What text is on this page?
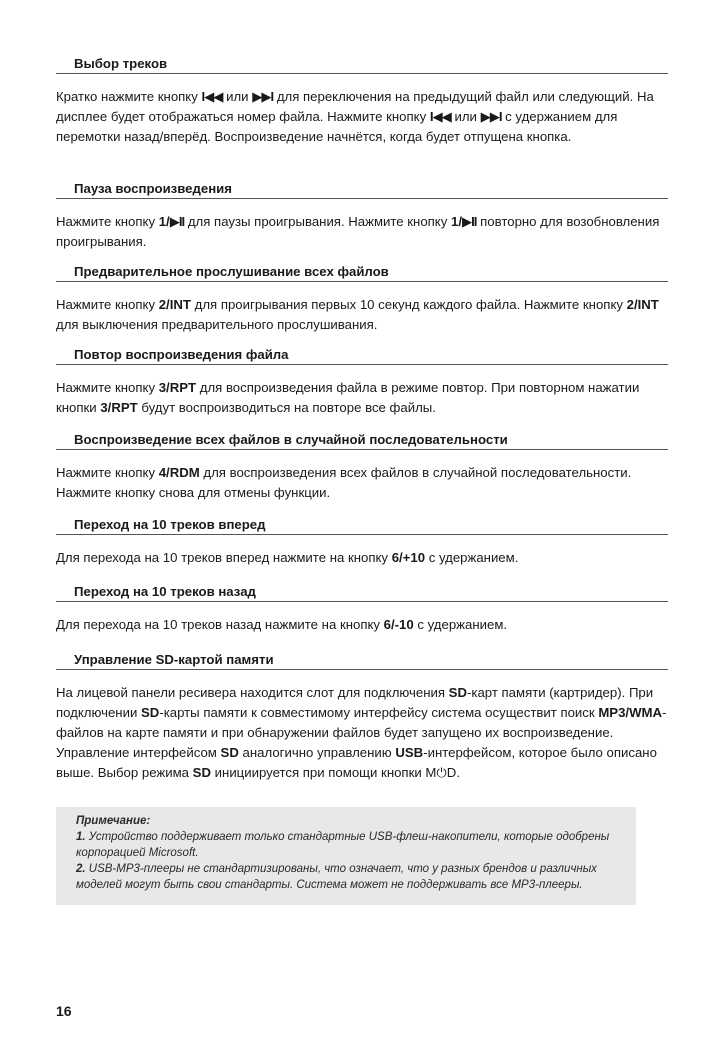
Выбор треков
Кратко нажмите кнопку I◀◀ или ▶▶I для переключения на предыдущий файл или следующий. На дисплее будет отображаться номер файла. Нажмите кнопку I◀◀ или ▶▶I с удержанием для перемотки назад/вперёд. Воспроизведение начнётся, когда будет отпущена кнопка.
Пауза воспроизведения
Нажмите кнопку 1/▶II для паузы проигрывания. Нажмите кнопку 1/▶II повторно для возобновления проигрывания.
Предварительное прослушивание всех файлов
Нажмите кнопку 2/INT для проигрывания первых 10 секунд каждого файла. Нажмите кнопку 2/INT для выключения предварительного прослушивания.
Повтор воспроизведения файла
Нажмите кнопку 3/RPT для воспроизведения файла в режиме повтор. При повторном нажатии кнопки 3/RPT будут воспроизводиться на повторе все файлы.
Воспроизведение всех файлов в случайной последовательности
Нажмите кнопку 4/RDM для воспроизведения всех файлов в случайной последовательности. Нажмите кнопку снова для отмены функции.
Переход на 10 треков вперед
Для перехода на 10 треков вперед нажмите на кнопку 6/+10 с удержанием.
Переход на 10 треков назад
Для перехода на 10 треков назад нажмите на кнопку 6/-10 с удержанием.
Управление SD-картой памяти
На лицевой панели ресивера находится слот для подключения SD-карт памяти (картридер). При подключении SD-карты памяти к совместимому интерфейсу система осуществит поиск MP3/WMA-файлов на карте памяти и при обнаружении файлов будет запущено их воспроизведение. Управление интерфейсом SD аналогично управлению USB-интерфейсом, которое было описано выше. Выбор режима SD инициируется при помощи кнопки M⏻D.
Примечание:
1. Устройство поддерживает только стандартные USB-флеш-накопители, которые одобрены корпорацией Microsoft.
2. USB-MP3-плееры не стандартизированы, что означает, что у разных брендов и различных моделей могут быть свои стандарты. Система может не поддерживать все MP3-плееры.
16
